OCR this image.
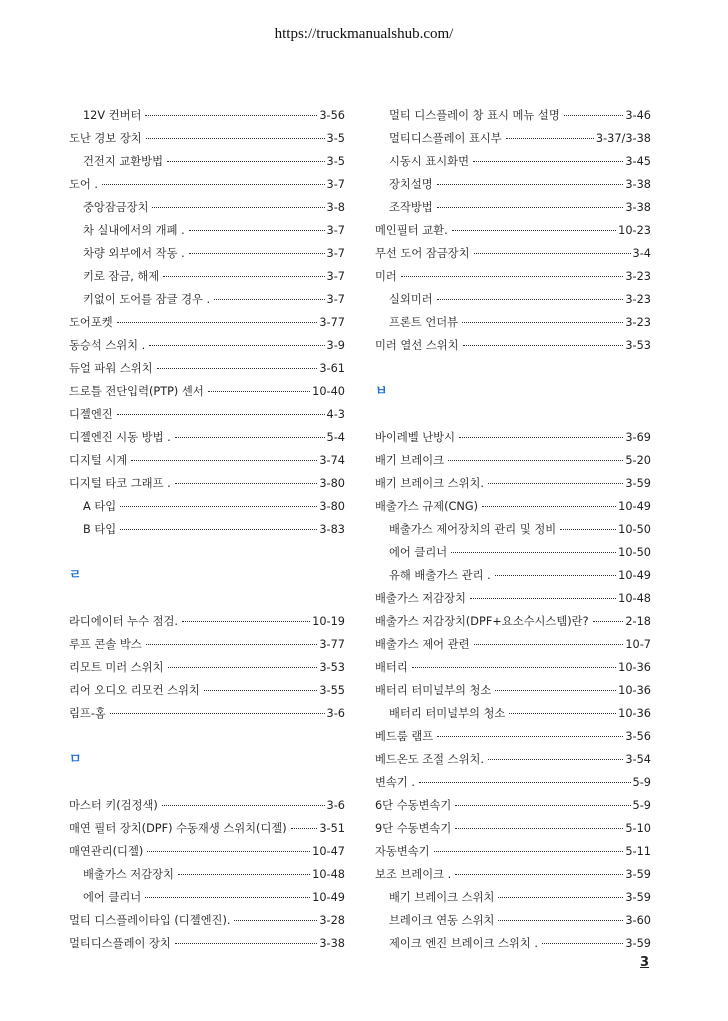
https://truckmanualshub.com/
12V 컨버터	3-56
도난 경보 장치	3-5
건전지 교환방법	3-5
도어 .	3-7
중앙잠금장치	3-8
차 실내에서의 개폐 .	3-7
차량 외부에서 작동 .	3-7
키로 잠금, 해제	3-7
키없이 도어를 잠글 경우 .	3-7
도어포켓	3-77
동승석 스위치 .	3-9
듀얼 파워 스위치	3-61
드로틀 전단입력(PTP) 센서	10-40
디젤엔진	4-3
디젤엔진 시동 방법 .	5-4
디지털 시계	3-74
디지털 타코 그래프 .	3-80
A 타입	3-80
B 타입	3-83
ㄹ
라디에이터 누수 점검.	10-19
루프 콘솔 박스	3-77
리모트 미러 스위치	3-53
리어 오디오 리모컨 스위치	3-55
림프-홈	3-6
ㅁ
마스터 키(검정색)	3-6
매연 필터 장치(DPF) 수동재생 스위치(디젤)	3-51
매연관리(디젤)	10-47
배출가스 저감장치	10-48
에어 클리너	10-49
멀티 디스플레이타입 (디젤엔진).	3-28
멀티디스플레이 장치	3-38
멀티 디스플레이 창 표시 메뉴 설명	3-46
멀티디스플레이 표시부	3-37/3-38
시동시 표시화면	3-45
장치설명	3-38
조작방법	3-38
메인필터 교환.	10-23
무선 도어 잠금장치	3-4
미러	3-23
실외미러	3-23
프론트 언더뷰	3-23
미러 열선 스위치	3-53
ㅂ
바이레벨 난방시	3-69
배기 브레이크	5-20
배기 브레이크 스위치.	3-59
배출가스 규제(CNG)	10-49
배출가스 제어장치의 관리 및 정비	10-50
에어 클리너	10-50
유해 배출가스 관리 .	10-49
배출가스 저감장치	10-48
배출가스 저감장치(DPF+요소수시스템)란?	2-18
배출가스 제어 관련	10-7
배터리	10-36
배터리 터미널부의 청소	10-36
배터리 터미널부의 청소	10-36
베드룸 램프	3-56
베드온도 조절 스위치.	3-54
변속기 .	5-9
6단 수동변속기	5-9
9단 수동변속기	5-10
자동변속기	5-11
보조 브레이크 .	3-59
배기 브레이크 스위치	3-59
브레이크 연동 스위치	3-60
제이크 엔진 브레이크 스위치 .	3-59
3
